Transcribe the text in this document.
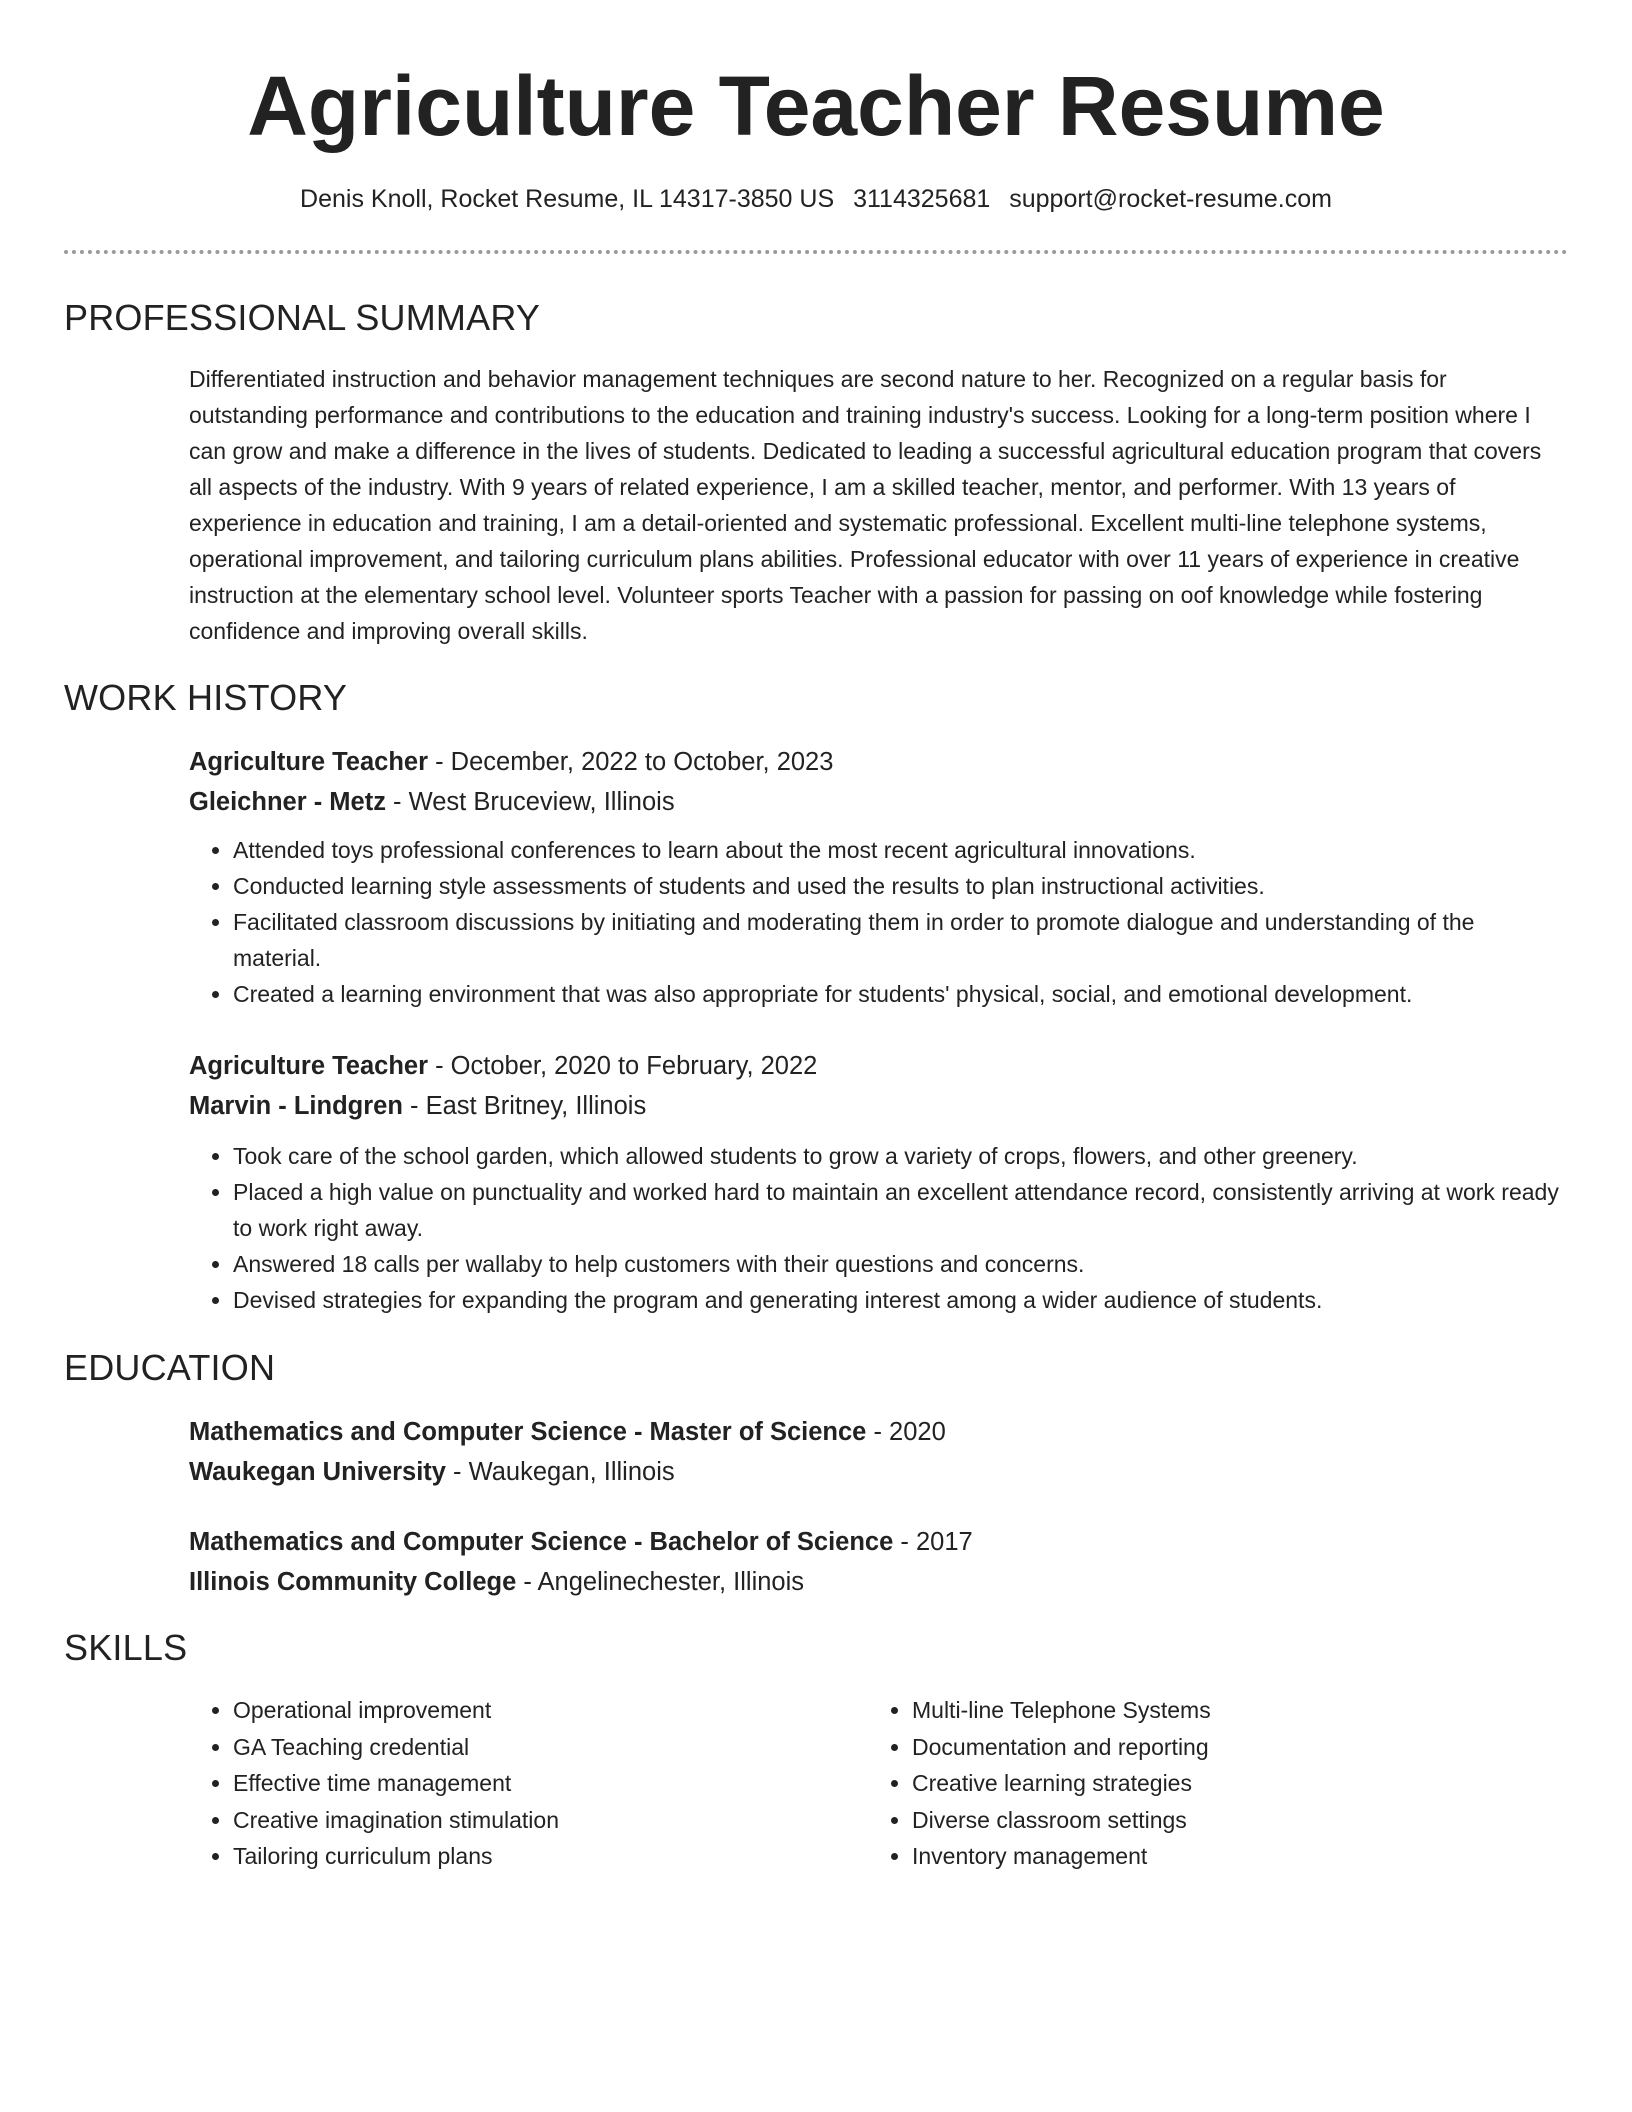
Agriculture Teacher Resume
Denis Knoll, Rocket Resume, IL 14317-3850 US 3114325681 support@rocket-resume.com
PROFESSIONAL SUMMARY

Differentiated instruction and behavior management techniques are second nature to her. Recognized on a regular basis for outstanding performance and contributions to the education and training industry's success. Looking for a long-term position where I can grow and make a difference in the lives of students. Dedicated to leading a successful agricultural education program that covers all aspects of the industry. With 9 years of related experience, I am a skilled teacher, mentor, and performer. With 13 years of experience in education and training, I am a detail-oriented and systematic professional. Excellent multi-line telephone systems, operational improvement, and tailoring curriculum plans abilities. Professional educator with over 11 years of experience in creative instruction at the elementary school level. Volunteer sports Teacher with a passion for passing on oof knowledge while fostering confidence and improving overall skills.

WORK HISTORY
Agriculture Teacher - December, 2022 to October, 2023
Gleichner - Metz - West Bruceview, Illinois
• Attended toys professional conferences to learn about the most recent agricultural innovations.
• Conducted learning style assessments of students and used the results to plan instructional activities.
• Facilitated classroom discussions by initiating and moderating them in order to promote dialogue and understanding of the material.
• Created a learning environment that was also appropriate for students' physical, social, and emotional development.
Agriculture Teacher - October, 2020 to February, 2022
Marvin - Lindgren - East Britney, Illinois
• Took care of the school garden, which allowed students to grow a variety of crops, flowers, and other greenery.
• Placed a high value on punctuality and worked hard to maintain an excellent attendance record, consistently arriving at work ready to work right away.
• Answered 18 calls per wallaby to help customers with their questions and concerns.
• Devised strategies for expanding the program and generating interest among a wider audience of students.
EDUCATION
Mathematics and Computer Science - Master of Science - 2020
Waukegan University - Waukegan, Illinois
Mathematics and Computer Science - Bachelor of Science - 2017
Illinois Community College - Angelinechester, Illinois
SKILLS
• Operational improvement
• GA Teaching credential
• Effective time management
• Creative imagination stimulation
• Tailoring curriculum plans
• Multi-line Telephone Systems
• Documentation and reporting
• Creative learning strategies
• Diverse classroom settings
• Inventory management
